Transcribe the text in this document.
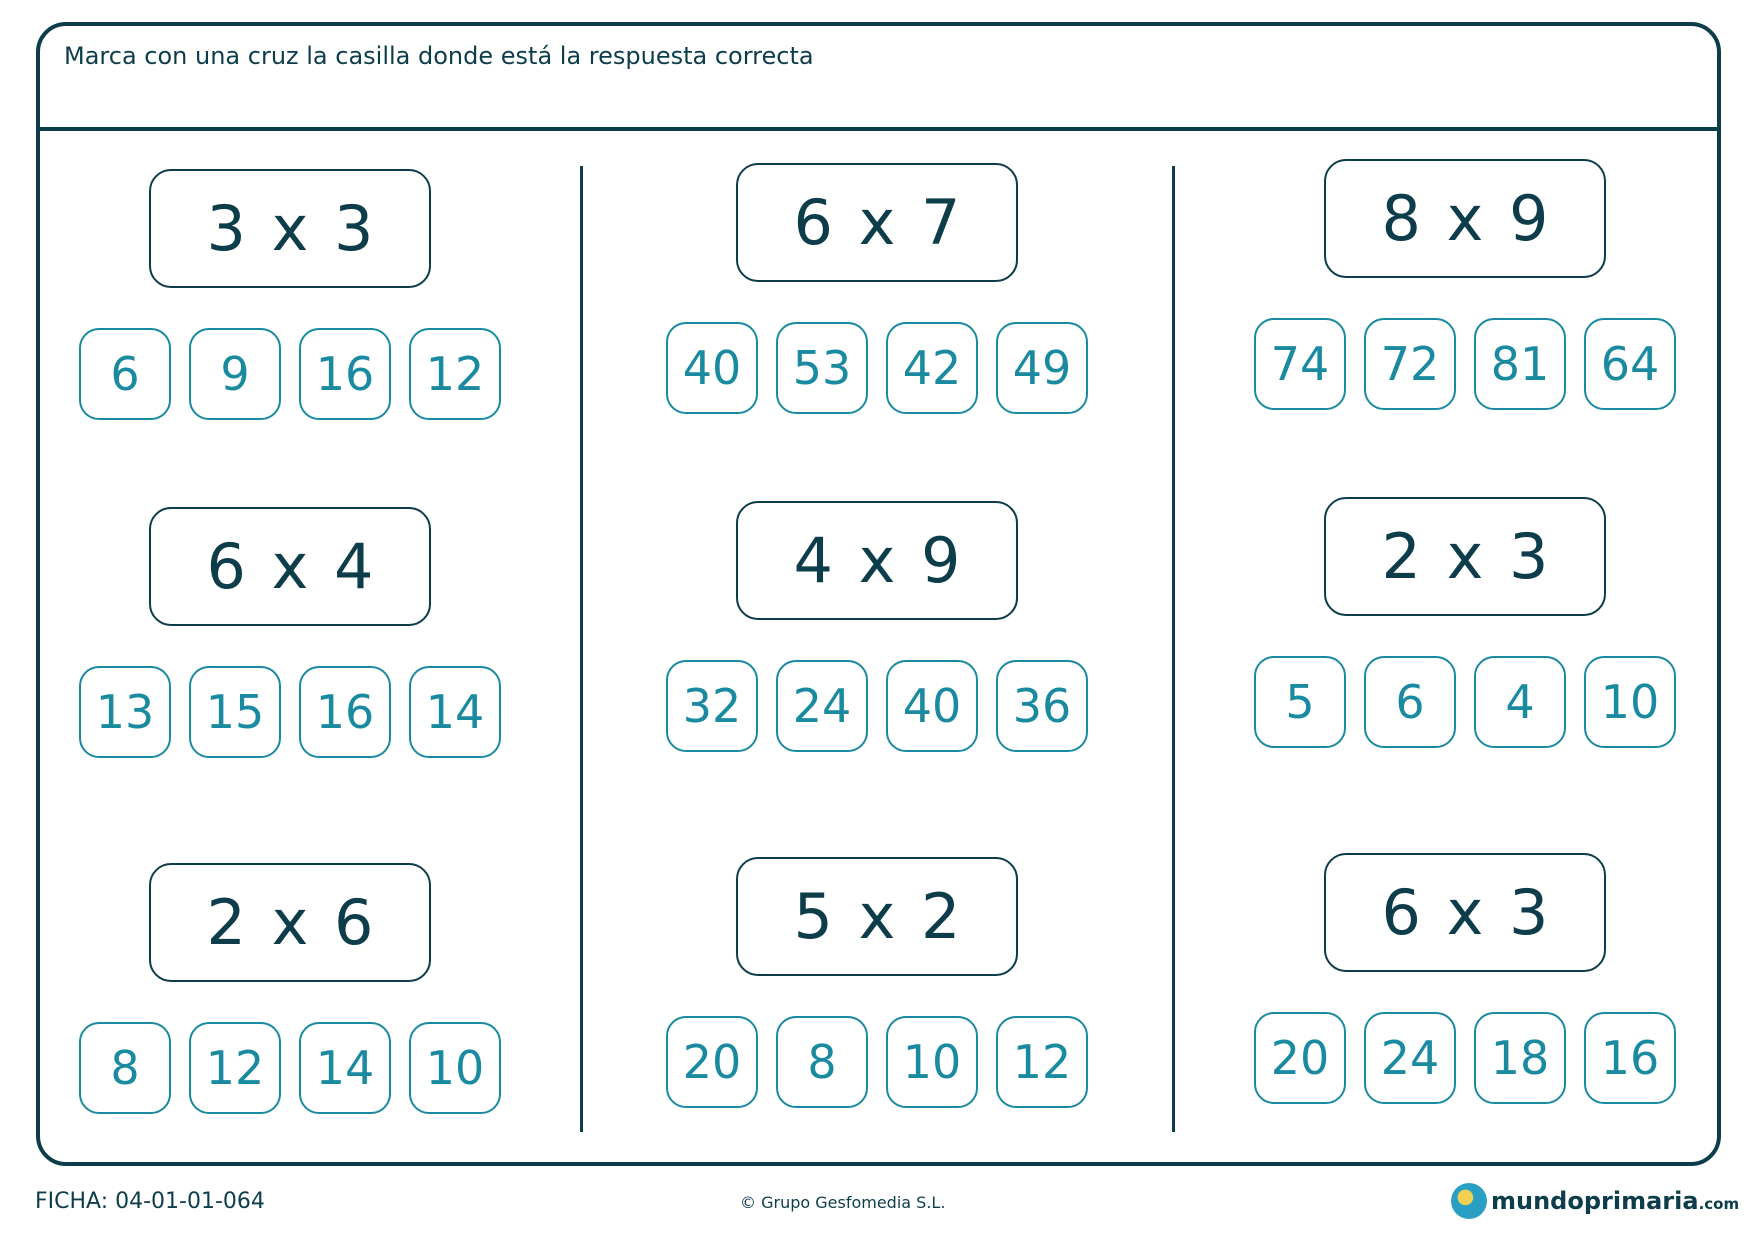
Marca con una cruz la casilla donde está la respuesta correcta
3 x 3
6	9	16	12
6 x 4
13	15	16	14
2 x 6
8	12	14	10
6 x 7
40	53	42	49
4 x 9
32	24	40	36
5 x 2
20	8	10	12
8 x 9
74	72	81	64
2 x 3
5	6	4	10
6 x 3
20	24	18	16
FICHA: 04-01-01-064	© Grupo Gesfomedia S.L.	mundoprimaria.com
